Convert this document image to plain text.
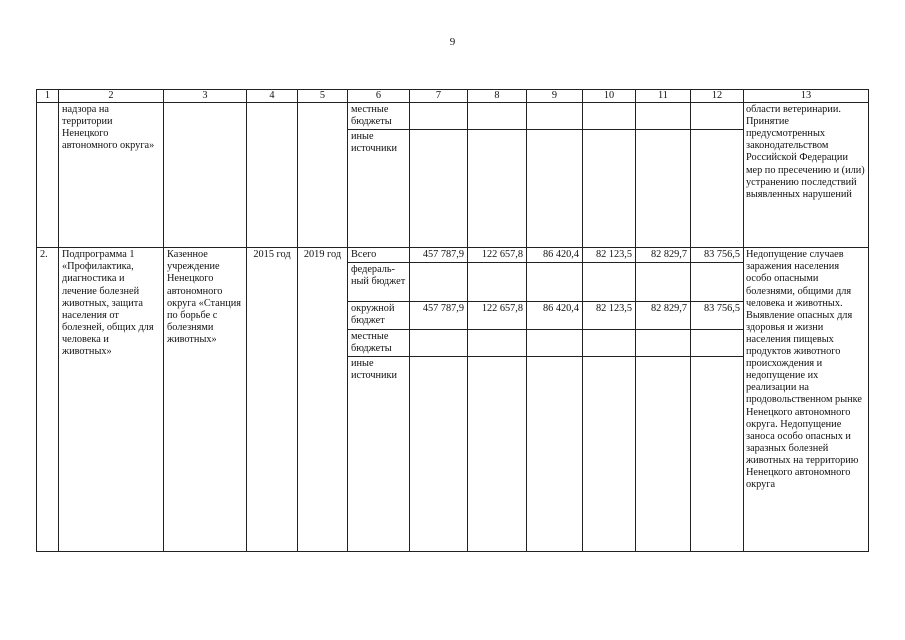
9
1	2	3	4	5	6	7	8	9	10	11	12	13
	надзора на территории Ненецкого автономного округа»				местные бюджеты							области ветеринарии. Принятие предусмотренных законодательством Российской Федерации мер по пресечению и (или) устранению последствий выявленных нарушений
					иные источники							
2.	Подпрограмма 1 «Профилактика, диагностика и лечение болезней животных, защита населения от болезней, общих для человека и животных»	Казенное учреждение Ненецкого автономного округа «Станция по борьбе с болезнями животных»	2015 год	2019 год	Всего	457 787,9	122 657,8	86 420,4	82 123,5	82 829,7	83 756,5	Недопущение случаев заражения населения особо опасными болезнями, общими для человека и животных. Выявление опасных для здоровья и жизни населения пищевых продуктов животного происхождения и недопущение их реализации на продовольственном рынке Ненецкого автономного округа. Недопущение заноса особо опасных и заразных болезней животных на территорию Ненецкого автономного округа
					федераль-ный бюджет							
					окружной бюджет	457 787,9	122 657,8	86 420,4	82 123,5	82 829,7	83 756,5	
					местные бюджеты							
					иные источники							
